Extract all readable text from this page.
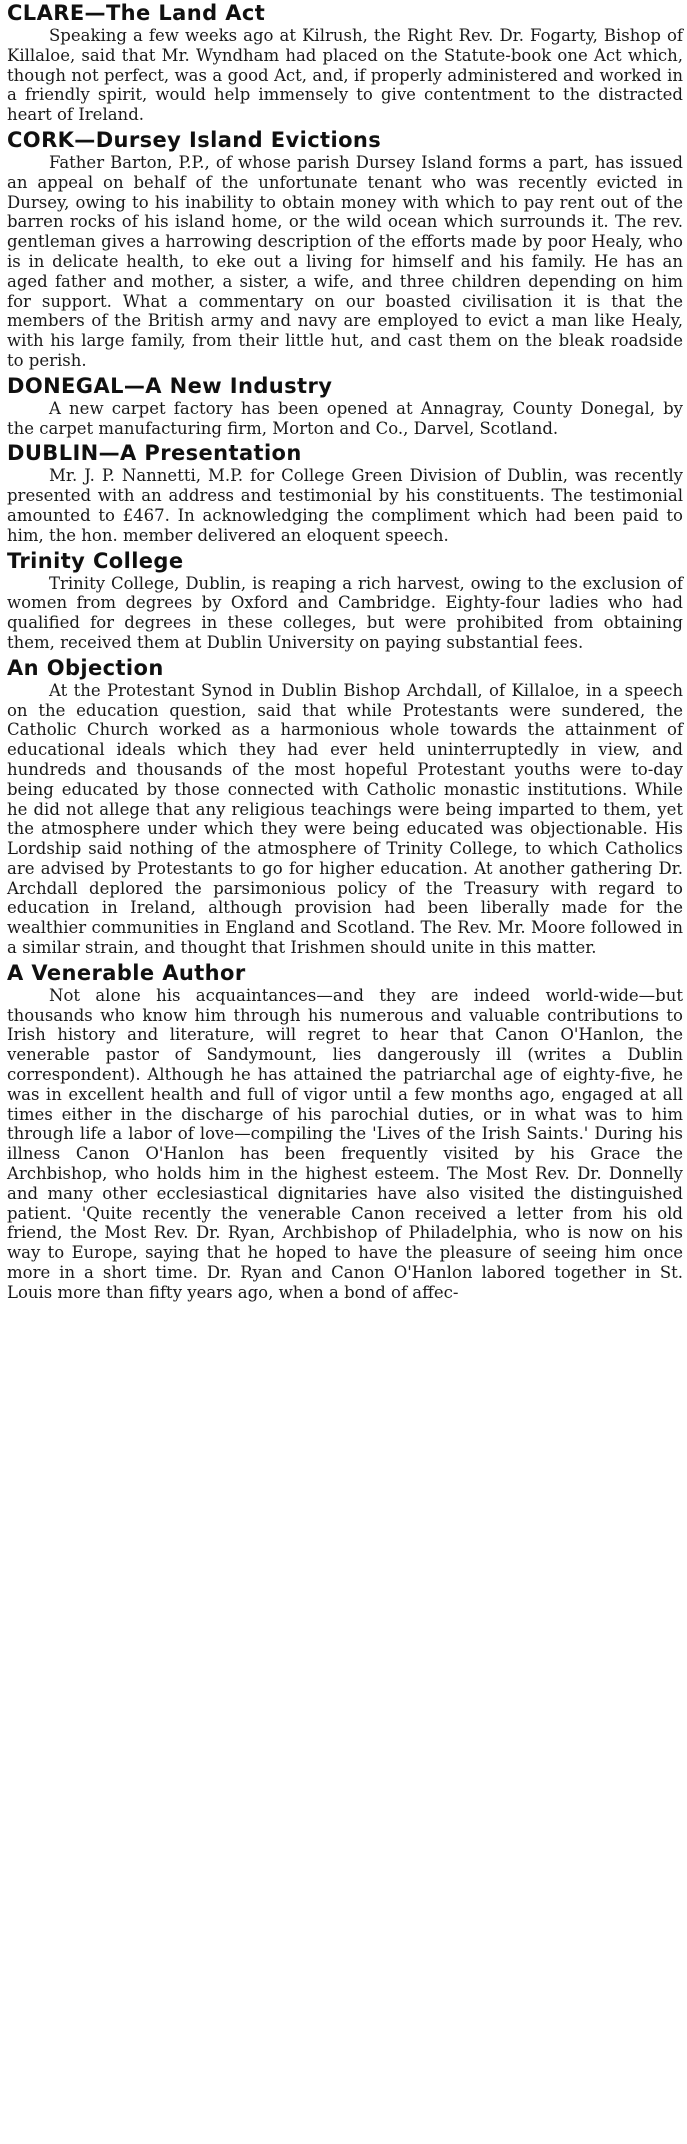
CLARE—The Land Act

Speaking a few weeks ago at Kilrush, the Right Rev. Dr. Fogarty, Bishop of Killaloe, said that Mr. Wyndham had placed on the Statute-book one Act which, though not perfect, was a good Act, and, if properly administered and worked in a friendly spirit, would help immensely to give contentment to the distracted heart of Ireland.

CORK—Dursey Island Evictions

Father Barton, P.P., of whose parish Dursey Island forms a part, has issued an appeal on behalf of the unfortunate tenant who was recently evicted in Dursey, owing to his inability to obtain money with which to pay rent out of the barren rocks of his island home, or the wild ocean which surrounds it. The rev. gentleman gives a harrowing description of the efforts made by poor Healy, who is in delicate health, to eke out a living for himself and his family. He has an aged father and mother, a sister, a wife, and three children depending on him for support. What a commentary on our boasted civilisation it is that the members of the British army and navy are employed to evict a man like Healy, with his large family, from their little hut, and cast them on the bleak roadside to perish.

DONEGAL—A New Industry

A new carpet factory has been opened at Annagray, County Donegal, by the carpet manufacturing firm, Morton and Co., Darvel, Scotland.

DUBLIN—A Presentation

Mr. J. P. Nannetti, M.P. for College Green Division of Dublin, was recently presented with an address and testimonial by his constituents. The testimonial amounted to £467. In acknowledging the compliment which had been paid to him, the hon. member delivered an eloquent speech.

Trinity College

Trinity College, Dublin, is reaping a rich harvest, owing to the exclusion of women from degrees by Oxford and Cambridge. Eighty-four ladies who had qualified for degrees in these colleges, but were prohibited from obtaining them, received them at Dublin University on paying substantial fees.

An Objection

At the Protestant Synod in Dublin Bishop Archdall, of Killaloe, in a speech on the education question, said that while Protestants were sundered, the Catholic Church worked as a harmonious whole towards the attainment of educational ideals which they had ever held uninterruptedly in view, and hundreds and thousands of the most hopeful Protestant youths were to-day being educated by those connected with Catholic monastic institutions. While he did not allege that any religious teachings were being imparted to them, yet the atmosphere under which they were being educated was objectionable. His Lordship said nothing of the atmosphere of Trinity College, to which Catholics are advised by Protestants to go for higher education. At another gathering Dr. Archdall deplored the parsimonious policy of the Treasury with regard to education in Ireland, although provision had been liberally made for the wealthier communities in England and Scotland. The Rev. Mr. Moore followed in a similar strain, and thought that Irishmen should unite in this matter.

A Venerable Author

Not alone his acquaintances—and they are indeed world-wide—but thousands who know him through his numerous and valuable contributions to Irish history and literature, will regret to hear that Canon O'Hanlon, the venerable pastor of Sandymount, lies dangerously ill (writes a Dublin correspondent). Although he has attained the patriarchal age of eighty-five, he was in excellent health and full of vigor until a few months ago, engaged at all times either in the discharge of his parochial duties, or in what was to him through life a labor of love—compiling the 'Lives of the Irish Saints.' During his illness Canon O'Hanlon has been frequently visited by his Grace the Archbishop, who holds him in the highest esteem. The Most Rev. Dr. Donnelly and many other ecclesiastical dignitaries have also visited the distinguished patient. 'Quite recently the venerable Canon received a letter from his old friend, the Most Rev. Dr. Ryan, Archbishop of Philadelphia, who is now on his way to Europe, saying that he hoped to have the pleasure of seeing him once more in a short time. Dr. Ryan and Canon O'Hanlon labored together in St. Louis more than fifty years ago, when a bond of affec-
